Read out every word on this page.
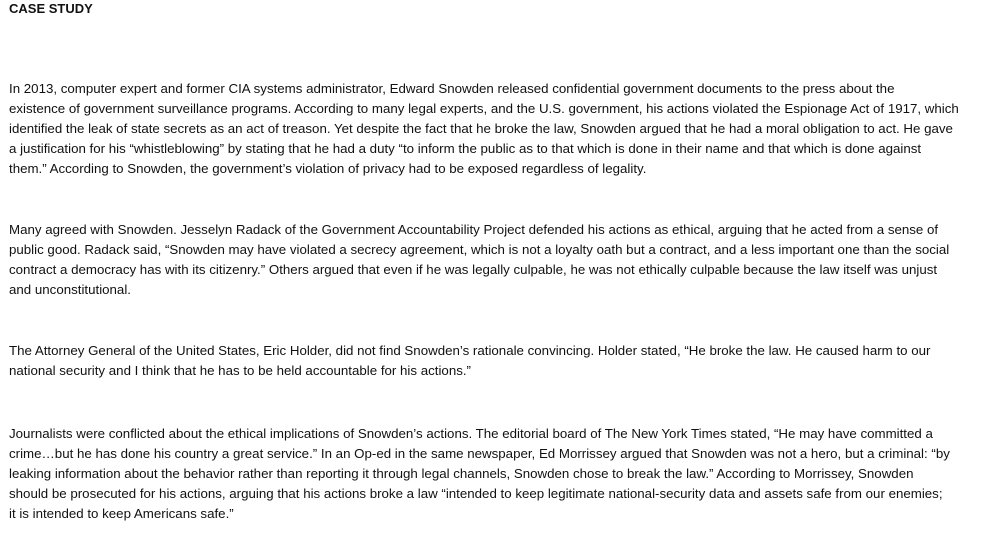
CASE STUDY

In 2013, computer expert and former CIA systems administrator, Edward Snowden released confidential government documents to the press about the
existence of government surveillance programs. According to many legal experts, and the U.S. government, his actions violated the Espionage Act of 1917, which
identified the leak of state secrets as an act of treason. Yet despite the fact that he broke the law, Snowden argued that he had a moral obligation to act. He gave
a justification for his “whistleblowing” by stating that he had a duty “to inform the public as to that which is done in their name and that which is done against
them.” According to Snowden, the government’s violation of privacy had to be exposed regardless of legality.

Many agreed with Snowden. Jesselyn Radack of the Government Accountability Project defended his actions as ethical, arguing that he acted from a sense of
public good. Radack said, “Snowden may have violated a secrecy agreement, which is not a loyalty oath but a contract, and a less important one than the social
contract a democracy has with its citizenry.” Others argued that even if he was legally culpable, he was not ethically culpable because the law itself was unjust
and unconstitutional.

The Attorney General of the United States, Eric Holder, did not find Snowden’s rationale convincing. Holder stated, “He broke the law. He caused harm to our
national security and I think that he has to be held accountable for his actions.”

Journalists were conflicted about the ethical implications of Snowden’s actions. The editorial board of The New York Times stated, “He may have committed a
crime…but he has done his country a great service.” In an Op-ed in the same newspaper, Ed Morrissey argued that Snowden was not a hero, but a criminal: “by
leaking information about the behavior rather than reporting it through legal channels, Snowden chose to break the law.” According to Morrissey, Snowden
should be prosecuted for his actions, arguing that his actions broke a law “intended to keep legitimate national-security data and assets safe from our enemies;
it is intended to keep Americans safe.”
